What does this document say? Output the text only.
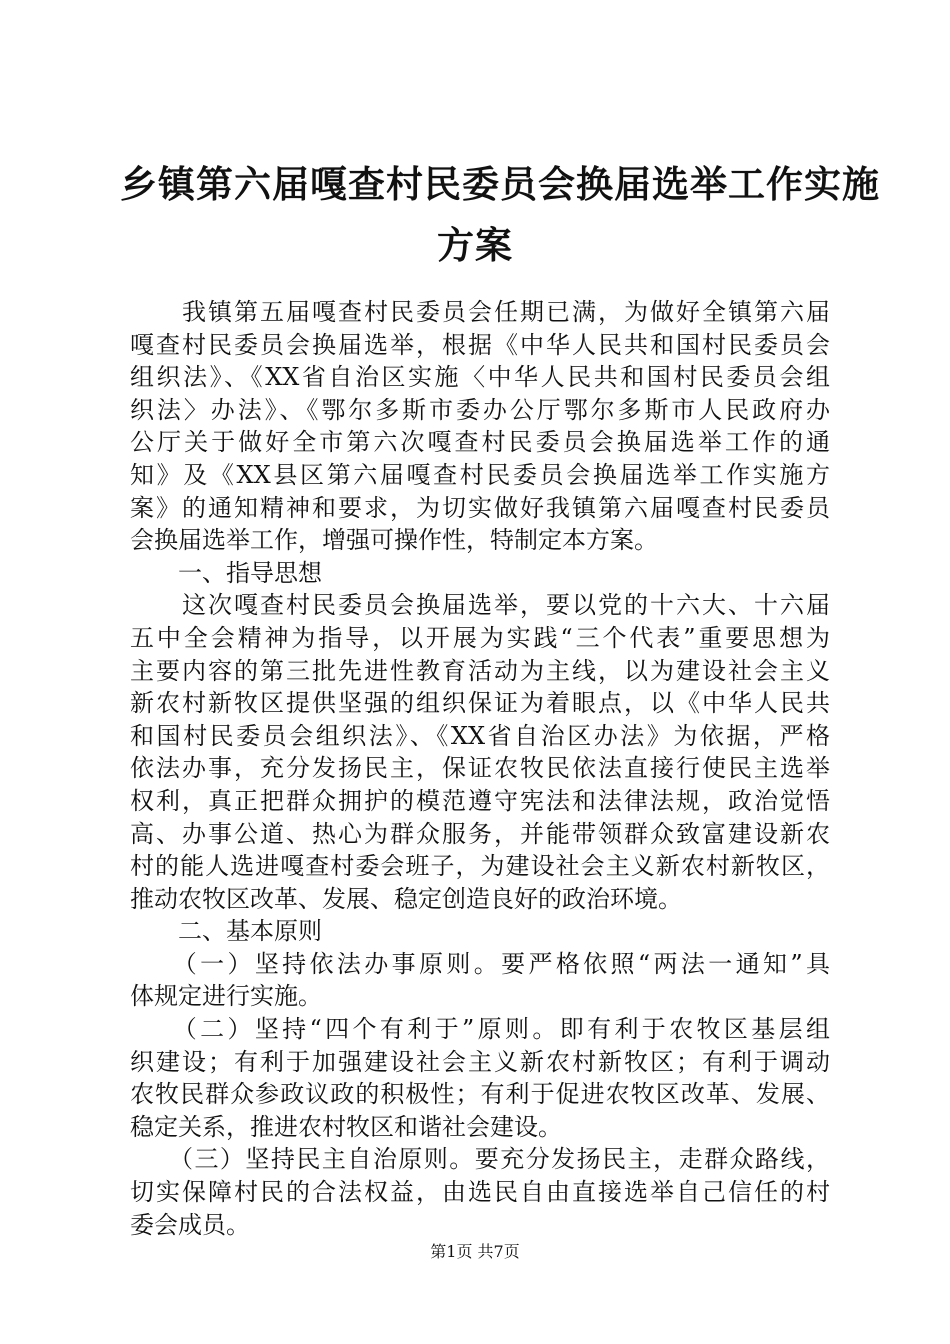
乡镇第六届嘎查村民委员会换届选举工作实施
方案
　　我镇第五届嘎查村民委员会任期已满，为做好全镇第六届
嘎查村民委员会换届选举，根据《中华人民共和国村民委员会
组织法》、《XX省自治区实施〈中华人民共和国村民委员会组
织法〉办法》、《鄂尔多斯市委办公厅鄂尔多斯市人民政府办
公厅关于做好全市第六次嘎查村民委员会换届选举工作的通
知》及《XX县区第六届嘎查村民委员会换届选举工作实施方
案》的通知精神和要求，为切实做好我镇第六届嘎查村民委员
会换届选举工作，增强可操作性，特制定本方案。
　　一、指导思想
　　这次嘎查村民委员会换届选举，要以党的十六大、十六届
五中全会精神为指导，以开展为实践“三个代表”重要思想为
主要内容的第三批先进性教育活动为主线，以为建设社会主义
新农村新牧区提供坚强的组织保证为着眼点，以《中华人民共
和国村民委员会组织法》、《XX省自治区办法》为依据，严格
依法办事，充分发扬民主，保证农牧民依法直接行使民主选举
权利，真正把群众拥护的模范遵守宪法和法律法规，政治觉悟
高、办事公道、热心为群众服务，并能带领群众致富建设新农
村的能人选进嘎查村委会班子，为建设社会主义新农村新牧区，
推动农牧区改革、发展、稳定创造良好的政治环境。
　　二、基本原则
　　（一）坚持依法办事原则。要严格依照“两法一通知”具
体规定进行实施。
　　（二）坚持“四个有利于”原则。即有利于农牧区基层组
织建设；有利于加强建设社会主义新农村新牧区；有利于调动
农牧民群众参政议政的积极性；有利于促进农牧区改革、发展、
稳定关系，推进农村牧区和谐社会建设。
　　（三）坚持民主自治原则。要充分发扬民主，走群众路线，
切实保障村民的合法权益，由选民自由直接选举自己信任的村
委会成员。
第1页 共7页
